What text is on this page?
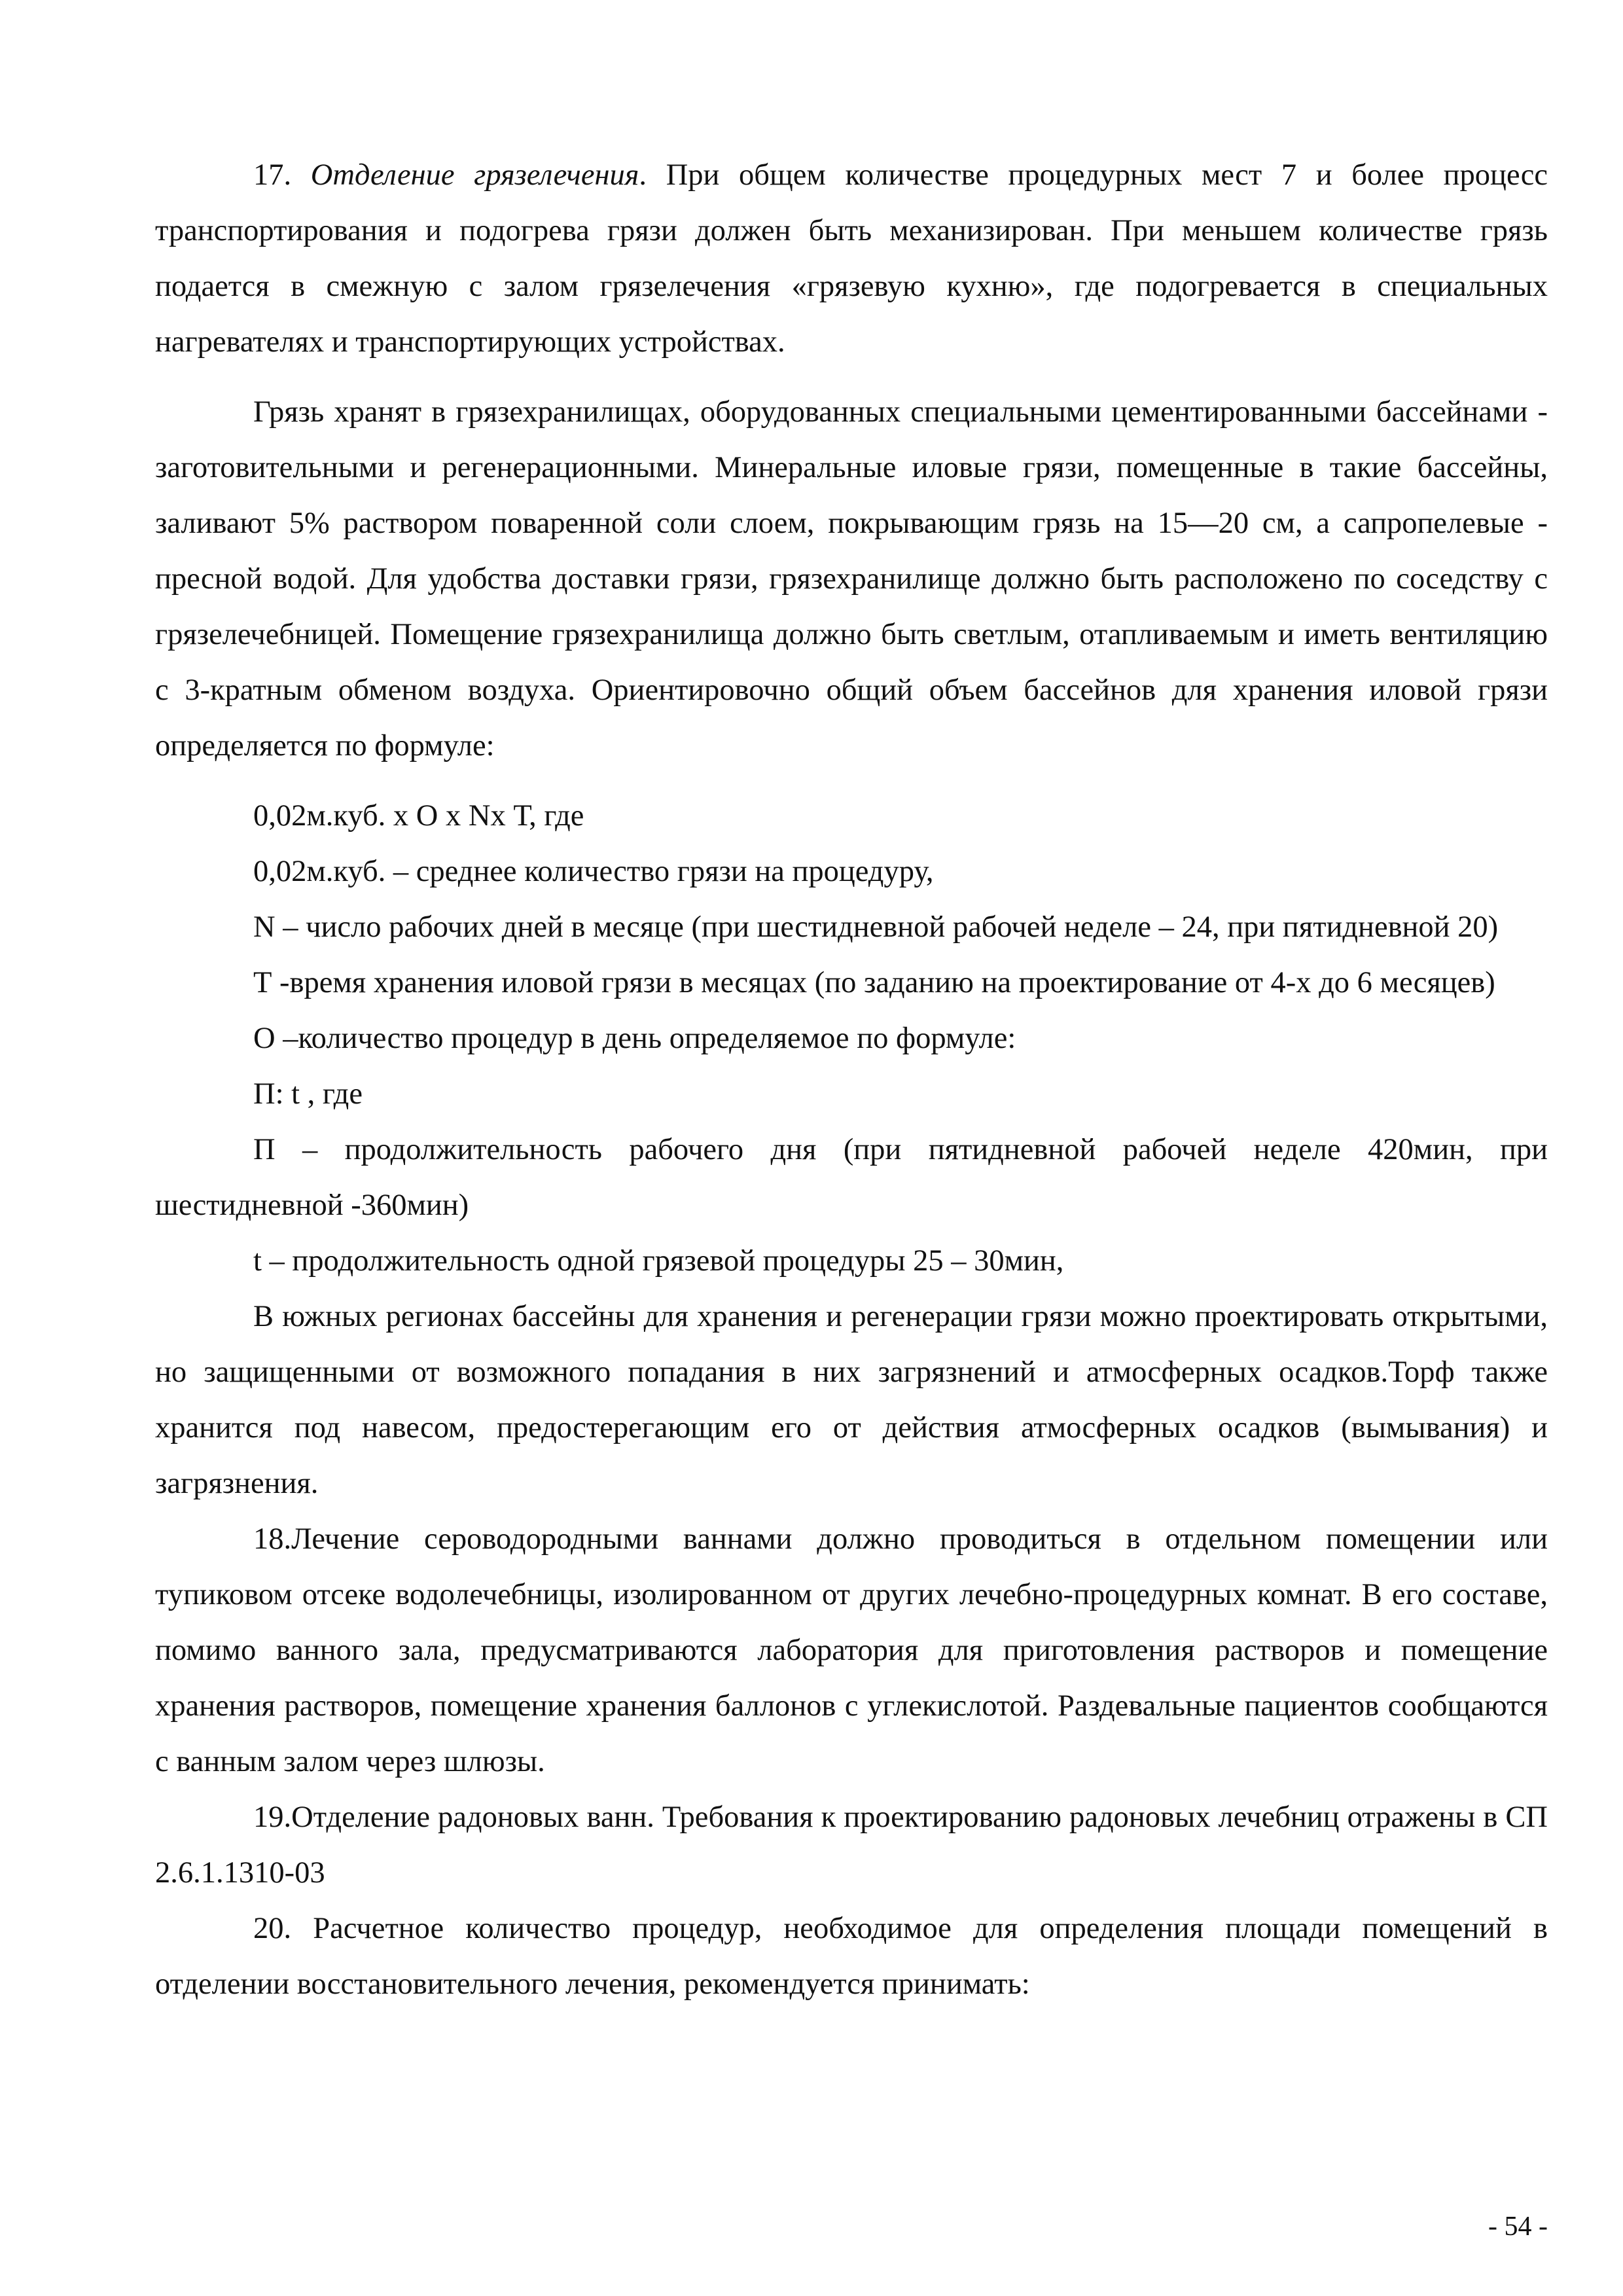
17. Отделение грязелечения. При общем количестве процедурных мест 7 и более процесс транспортирования и подогрева грязи должен быть механизирован. При меньшем количестве грязь подается в смежную с залом грязелечения «грязевую кухню», где подогревается в специальных нагревателях и транспортирующих устройствах.

Грязь хранят в грязехранилищах, оборудованных специальными цементированными бассейнами - заготовительными и регенерационными. Минеральные иловые грязи, помещенные в такие бассейны, заливают 5% раствором поваренной соли слоем, покрывающим грязь на 15—20 см, а сапропелевые - пресной водой. Для удобства доставки грязи, грязехранилище должно быть расположено по соседству с грязелечебницей. Помещение грязехранилища должно быть светлым, отапливаемым и иметь вентиляцию с 3-кратным обменом воздуха. Ориентировочно общий объем бассейнов для хранения иловой грязи определяется по формуле:

0,02м.куб. х О х Nх Т, где

0,02м.куб. – среднее количество грязи на процедуру,

N – число рабочих дней в месяце (при шестидневной рабочей неделе – 24, при пятидневной 20)

Т -время хранения иловой грязи в месяцах (по заданию на проектирование от 4-х до 6 месяцев)

О –количество процедур в день определяемое по формуле:

П: t , где

П – продолжительность рабочего дня (при пятидневной рабочей неделе 420мин, при шестидневной -360мин)

t – продолжительность одной грязевой процедуры 25 – 30мин,

В южных регионах бассейны для хранения и регенерации грязи можно проектировать открытыми, но защищенными от возможного попадания в них загрязнений и атмосферных осадков.Торф также хранится под навесом, предостерегающим его от действия атмосферных осадков (вымывания) и загрязнения.

18.Лечение сероводородными ваннами должно проводиться в отдельном помещении или тупиковом отсеке водолечебницы, изолированном от других лечебно-процедурных комнат. В его составе, помимо ванного зала, предусматриваются лаборатория для приготовления растворов и помещение хранения растворов, помещение хранения баллонов с углекислотой. Раздевальные пациентов сообщаются с ванным залом через шлюзы.

19.Отделение радоновых ванн. Требования к проектированию радоновых лечебниц отражены в СП 2.6.1.1310-03

20. Расчетное количество процедур, необходимое для определения площади помещений в отделении восстановительного лечения, рекомендуется принимать:

- 54 -
